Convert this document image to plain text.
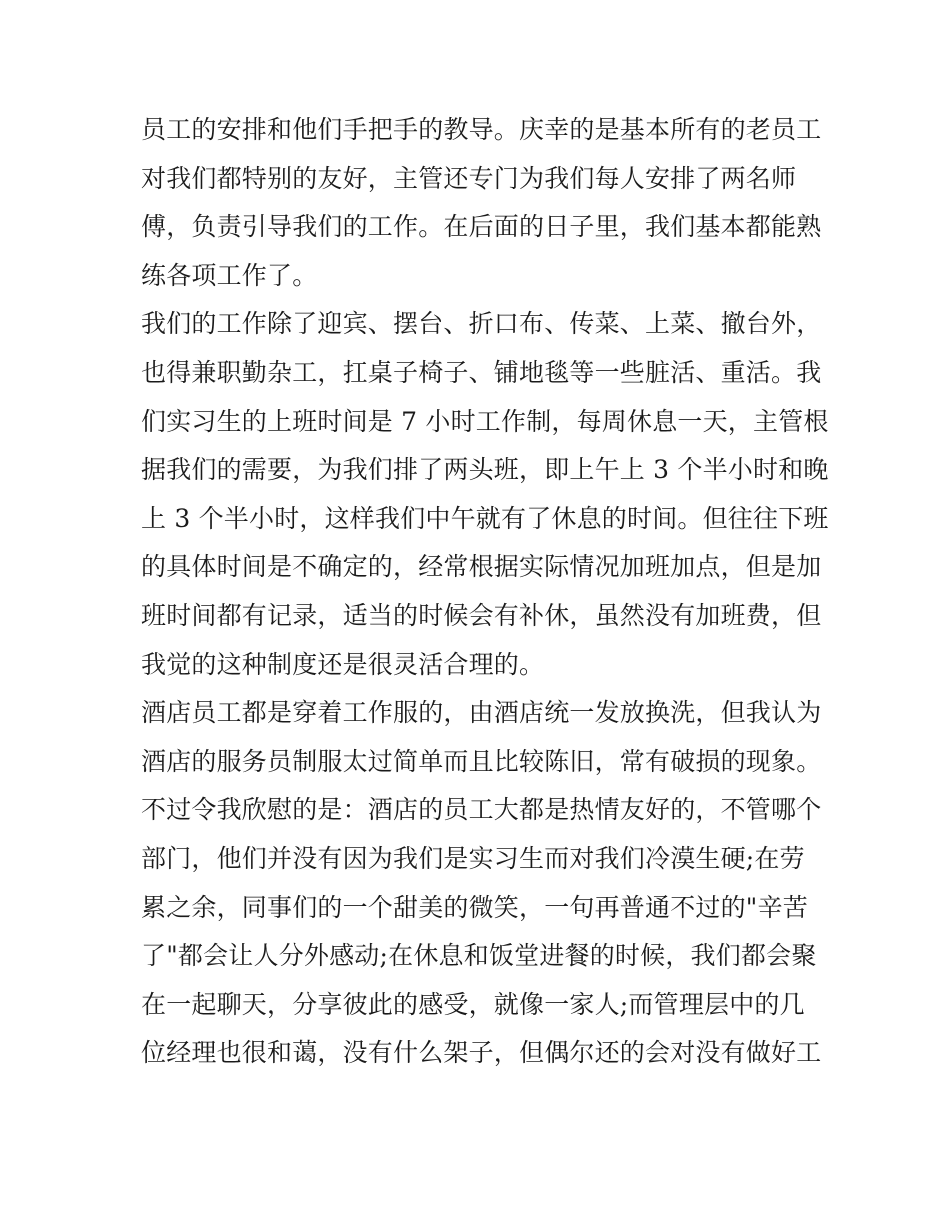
员工的安排和他们手把手的教导。庆幸的是基本所有的老员工
对我们都特别的友好，主管还专门为我们每人安排了两名师
傅，负责引导我们的工作。在后面的日子里，我们基本都能熟
练各项工作了。
我们的工作除了迎宾、摆台、折口布、传菜、上菜、撤台外，
也得兼职勤杂工，扛桌子椅子、铺地毯等一些脏活、重活。我
们实习生的上班时间是 7 小时工作制，每周休息一天，主管根
据我们的需要，为我们排了两头班，即上午上 3 个半小时和晚
上 3 个半小时，这样我们中午就有了休息的时间。但往往下班
的具体时间是不确定的，经常根据实际情况加班加点，但是加
班时间都有记录，适当的时候会有补休，虽然没有加班费，但
我觉的这种制度还是很灵活合理的。
酒店员工都是穿着工作服的，由酒店统一发放换洗，但我认为
酒店的服务员制服太过简单而且比较陈旧，常有破损的现象。
不过令我欣慰的是：酒店的员工大都是热情友好的，不管哪个
部门，他们并没有因为我们是实习生而对我们冷漠生硬;在劳
累之余，同事们的一个甜美的微笑，一句再普通不过的"辛苦
了"都会让人分外感动;在休息和饭堂进餐的时候，我们都会聚
在一起聊天，分享彼此的感受，就像一家人;而管理层中的几
位经理也很和蔼，没有什么架子，但偶尔还的会对没有做好工
